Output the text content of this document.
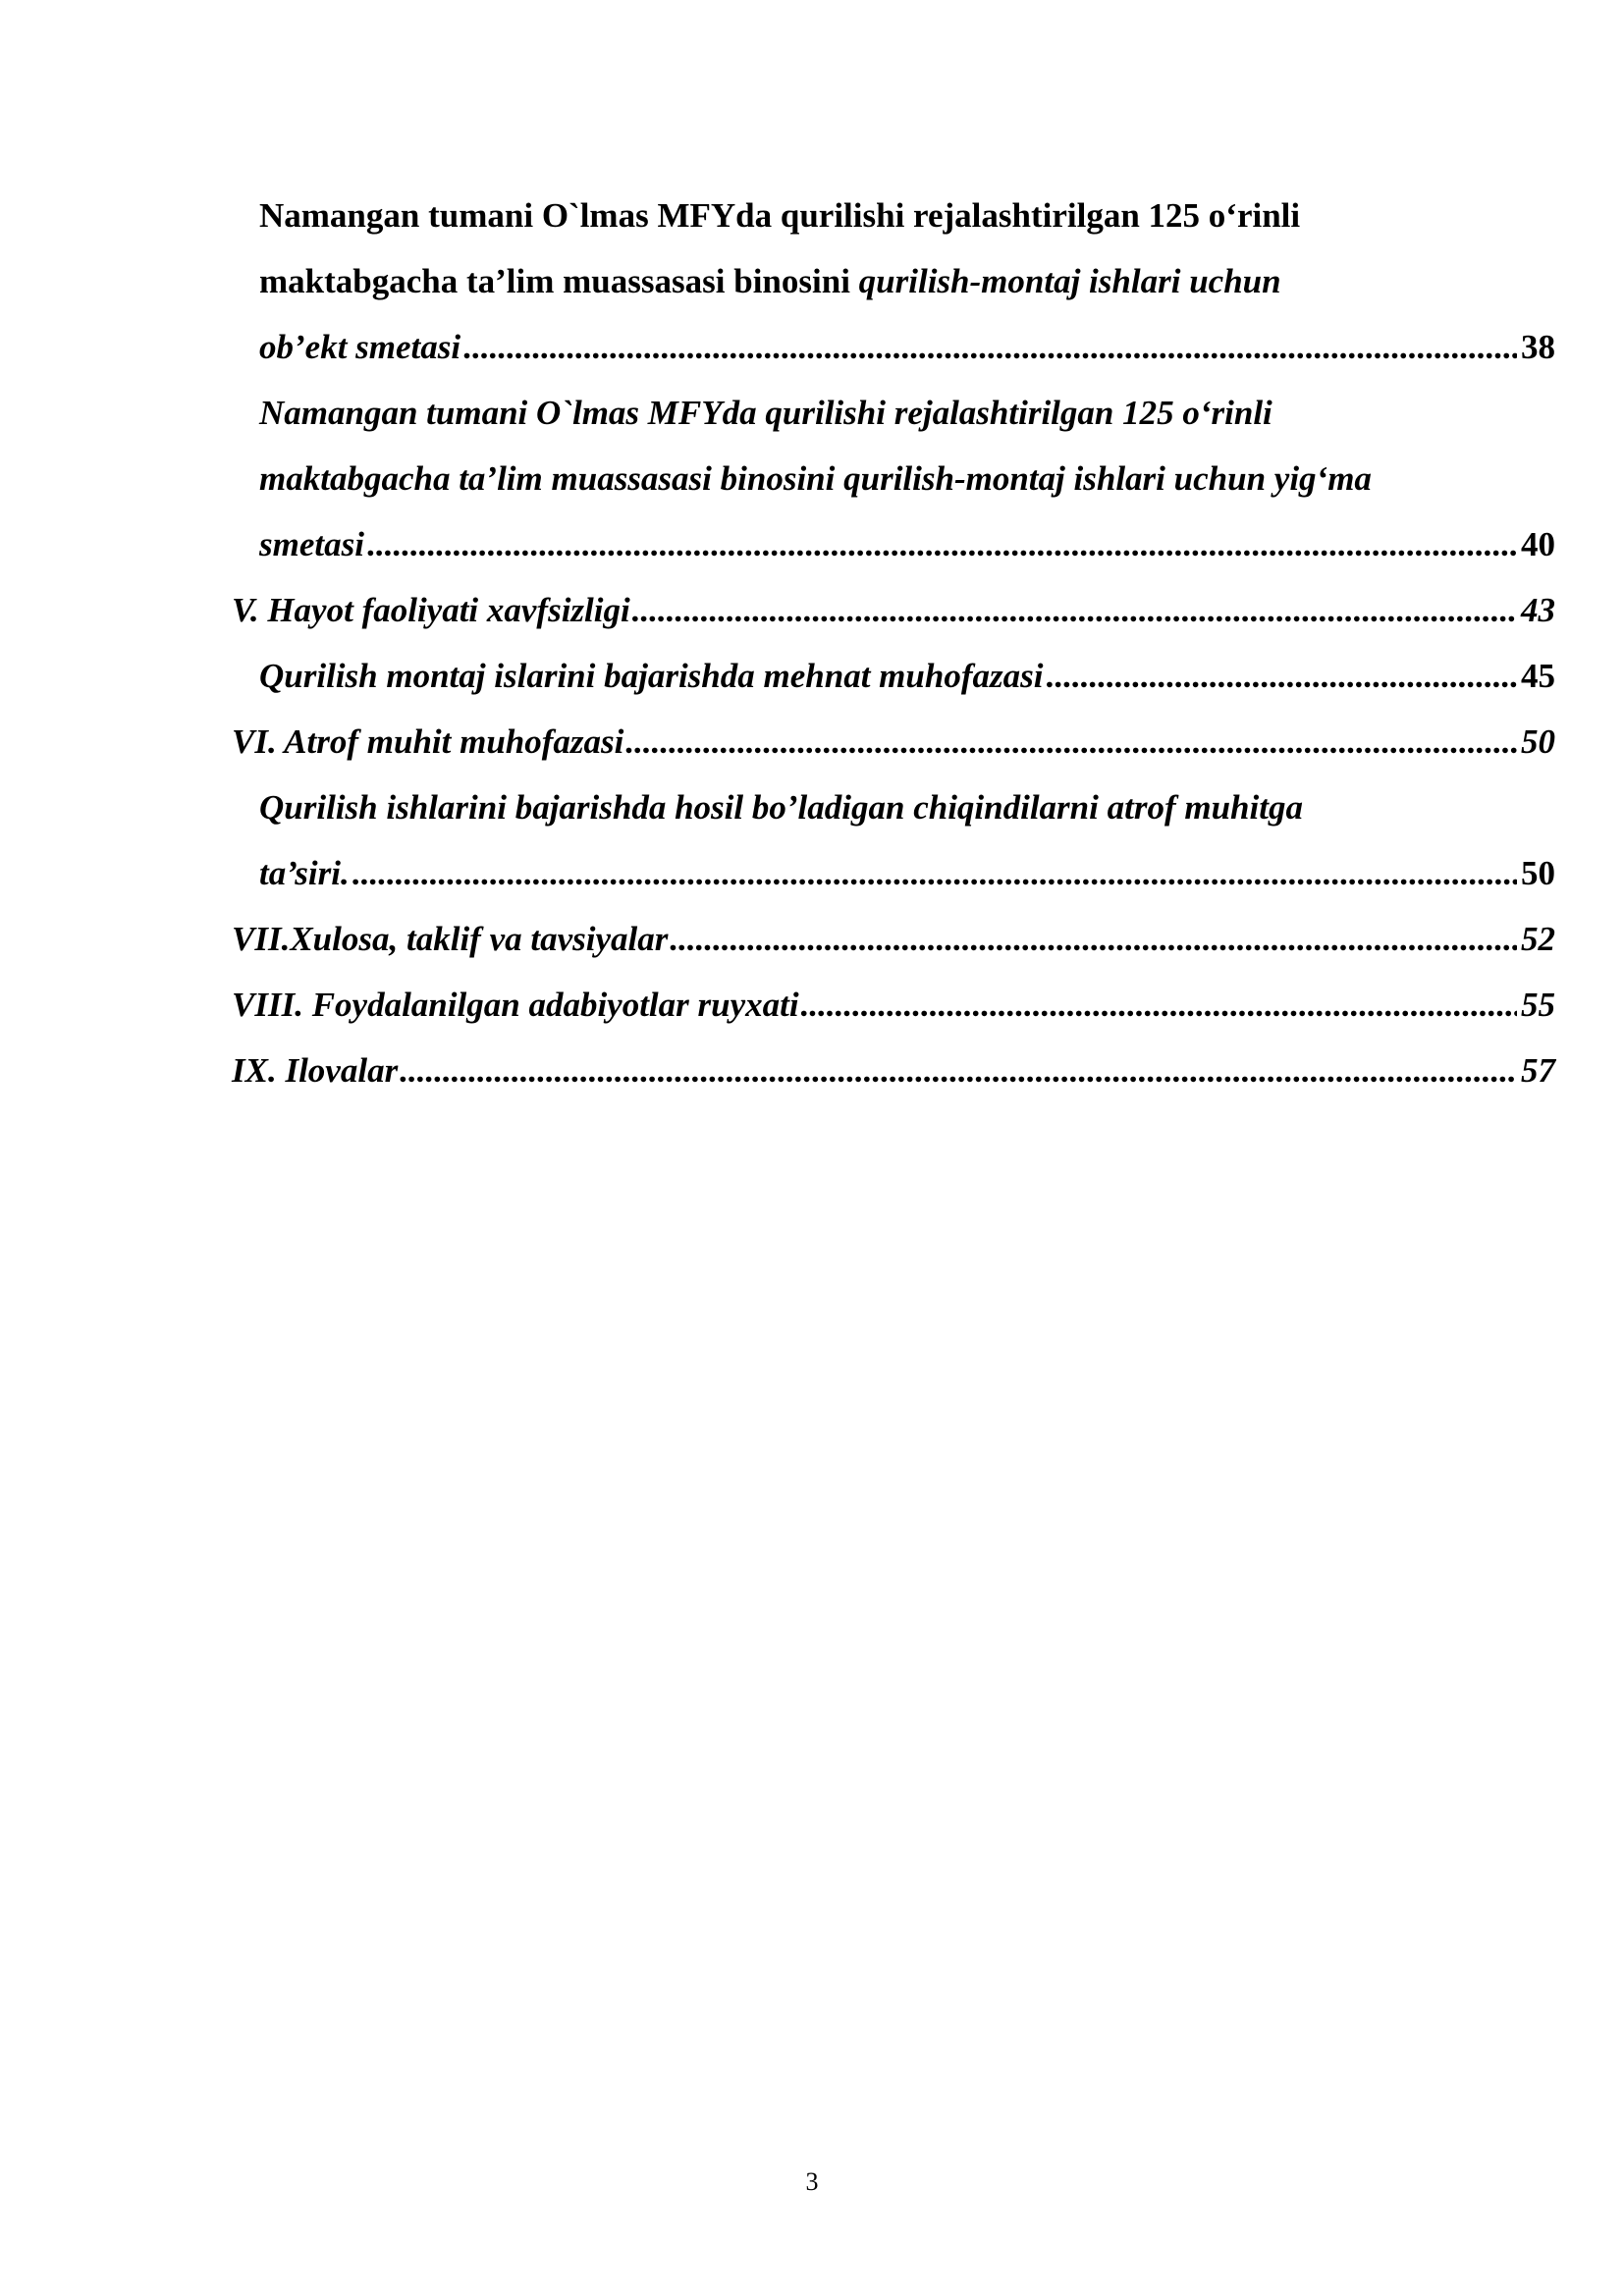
Namangan tumani O`lmas MFYda qurilishi rejalashtirilgan 125 o‘rinli
maktabgacha ta’lim muassasasi binosini qurilish-montaj ishlari uchun
ob’ekt smetasi .....	38
Namangan tumani O`lmas MFYda qurilishi rejalashtirilgan 125 o‘rinli
maktabgacha ta’lim muassasasi binosini qurilish-montaj ishlari uchun yig‘ma
smetasi .....	40
V. Hayot faoliyati xavfsizligi .....	43
Qurilish montaj islarini bajarishda mehnat muhofazasi .....	45
VI. Atrof muhit muhofazasi .....	50
Qurilish ishlarini bajarishda hosil bo’ladigan chiqindilarni atrof muhitga
ta’siri. .....	50
VII.Xulosa, taklif va tavsiyalar .....	52
VIII. Foydalanilgan adabiyotlar ruyxati .....	55
IX. Ilovalar .....	57
3
